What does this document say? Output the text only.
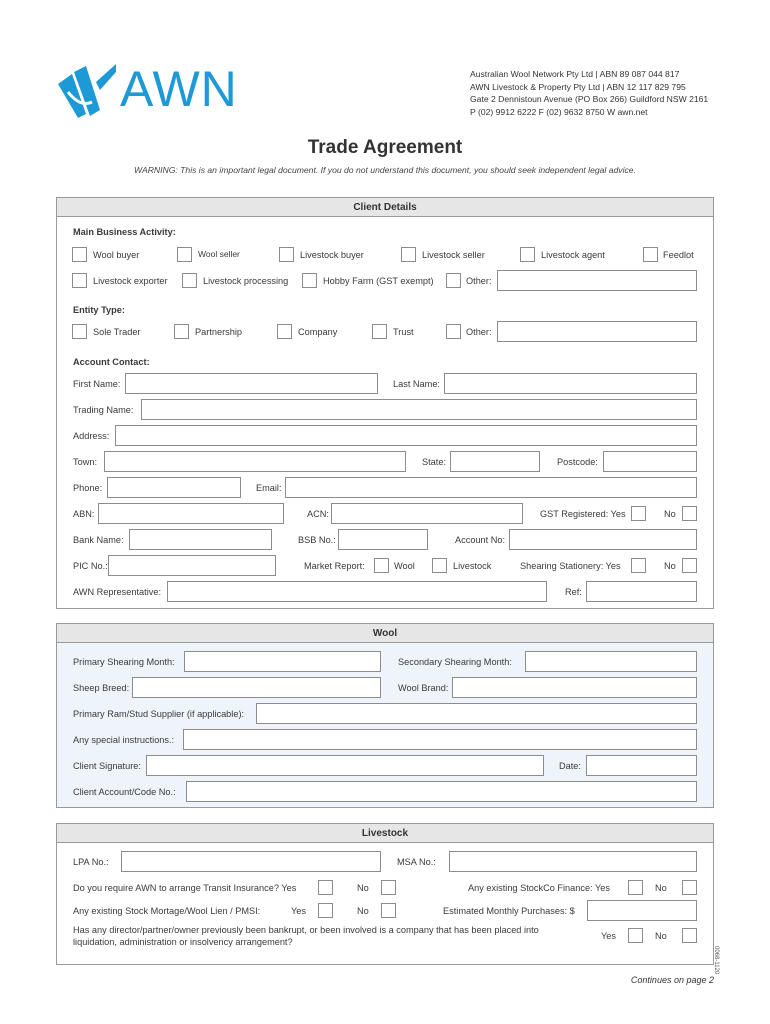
AWN	Australian Wool Network Pty Ltd | ABN 89 087 044 817
AWN Livestock & Property Pty Ltd | ABN 12 117 829 795
Gate 2 Dennistoun Avenue (PO Box 266) Guildford NSW 2161
P (02) 9912 6222 F (02) 9632 8750 W awn.net
Trade Agreement
WARNING: This is an important legal document. If you do not understand this document, you should seek independent legal advice.
Client Details
Main Business Activity:
Wool buyer	Wool seller	Livestock buyer	Livestock seller	Livestock agent	Feedlot
Livestock exporter	Livestock processing	Hobby Farm (GST exempt)	Other:
Entity Type:
Sole Trader	Partnership	Company	Trust	Other:
Account Contact:
First Name:	Last Name:
Trading Name:
Address:
Town:	State:	Postcode:
Phone:	Email:
ABN:	ACN:	GST Registered: Yes	No
Bank Name:	BSB No.:	Account No:
PIC No.:	Market Report:	Wool	Livestock	Shearing Stationery: Yes	No
AWN Representative:	Ref:
Wool
Primary Shearing Month:	Secondary Shearing Month:
Sheep Breed:	Wool Brand:
Primary Ram/Stud Supplier (if applicable):
Any special instructions.:
Client Signature:	Date:
Client Account/Code No.:
Livestock
LPA No.:	MSA No.:
Do you require AWN to arrange Transit Insurance? Yes	No	Any existing StockCo Finance: Yes	No
Any existing Stock Mortage/Wool Lien / PMSI:	Yes	No	Estimated Monthly Purchases: $
Has any director/partner/owner previously been bankrupt, or been involved is a company that has been placed into
liquidation, administration or insolvency arrangement?
Yes	No
0068-1120
Continues on page 2
